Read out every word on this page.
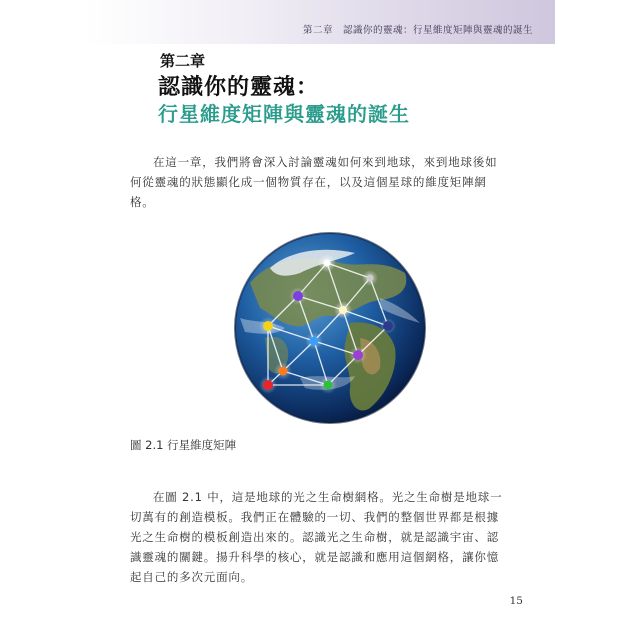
第二章　認識你的靈魂：行星維度矩陣與靈魂的誕生
第二章
認識你的靈魂：
行星維度矩陣與靈魂的誕生

在這一章，我們將會深入討論靈魂如何來到地球，來到地球後如
何從靈魂的狀態顯化成一個物質存在，以及這個星球的維度矩陣網
格。

圖 2.1 行星維度矩陣

在圖 2.1 中，這是地球的光之生命樹網格。光之生命樹是地球一
切萬有的創造模板。我們正在體驗的一切、我們的整個世界都是根據
光之生命樹的模板創造出來的。認識光之生命樹，就是認識宇宙、認
識靈魂的關鍵。揚升科學的核心，就是認識和應用這個網格，讓你憶
起自己的多次元面向。

15
